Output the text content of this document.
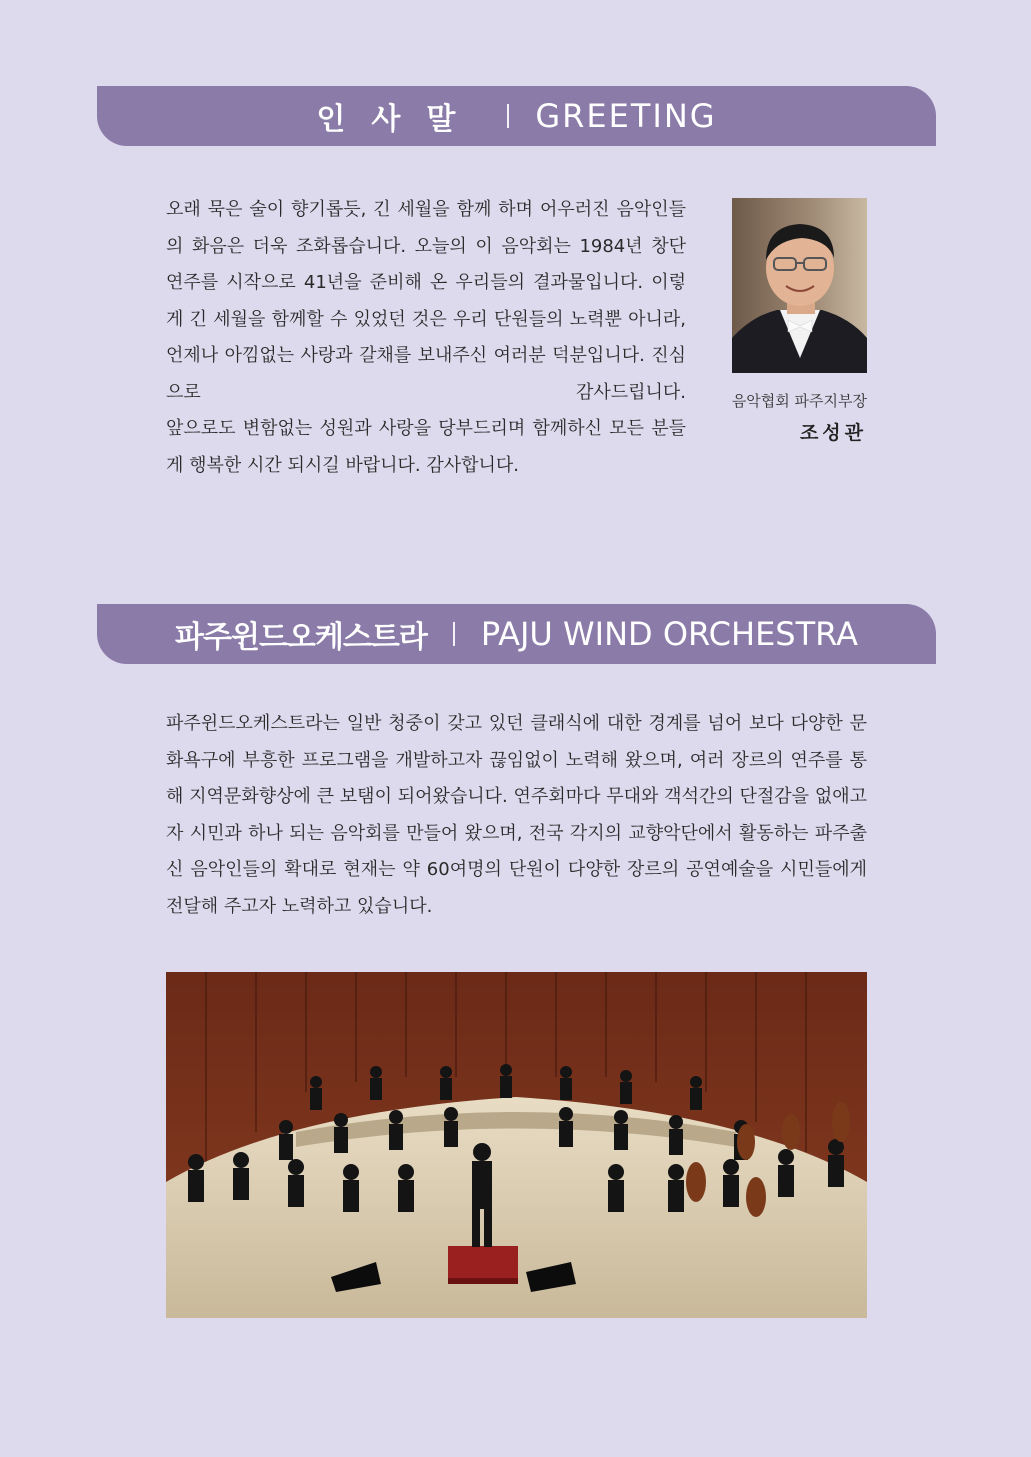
인사말 GREETING

오래 묵은 술이 향기롭듯, 긴 세월을 함께 하며 어우러진 음악인들의 화음은 더욱 조화롭습니다. 오늘의 이 음악회는 1984년 창단 연주를 시작으로 41년을 준비해 온 우리들의 결과물입니다. 이렇게 긴 세월을 함께할 수 있었던 것은 우리 단원들의 노력뿐 아니라, 언제나 아낌없는 사랑과 갈채를 보내주신 여러분 덕분입니다. 진심으로 감사드립니다.

앞으로도 변함없는 성원과 사랑을 당부드리며 함께하신 모든 분들게 행복한 시간 되시길 바랍니다. 감사합니다.

음악협회 파주지부장
조성관
파주윈드오케스트라 PAJU WIND ORCHESTRA

파주윈드오케스트라는 일반 청중이 갖고 있던 클래식에 대한 경계를 넘어 보다 다양한 문화욕구에 부흥한 프로그램을 개발하고자 끊임없이 노력해 왔으며, 여러 장르의 연주를 통해 지역문화향상에 큰 보탬이 되어왔습니다. 연주회마다 무대와 객석간의 단절감을 없애고자 시민과 하나 되는 음악회를 만들어 왔으며, 전국 각지의 교향악단에서 활동하는 파주출신 음악인들의 확대로 현재는 약 60여명의 단원이 다양한 장르의 공연예술을 시민들에게 전달해 주고자 노력하고 있습니다.
